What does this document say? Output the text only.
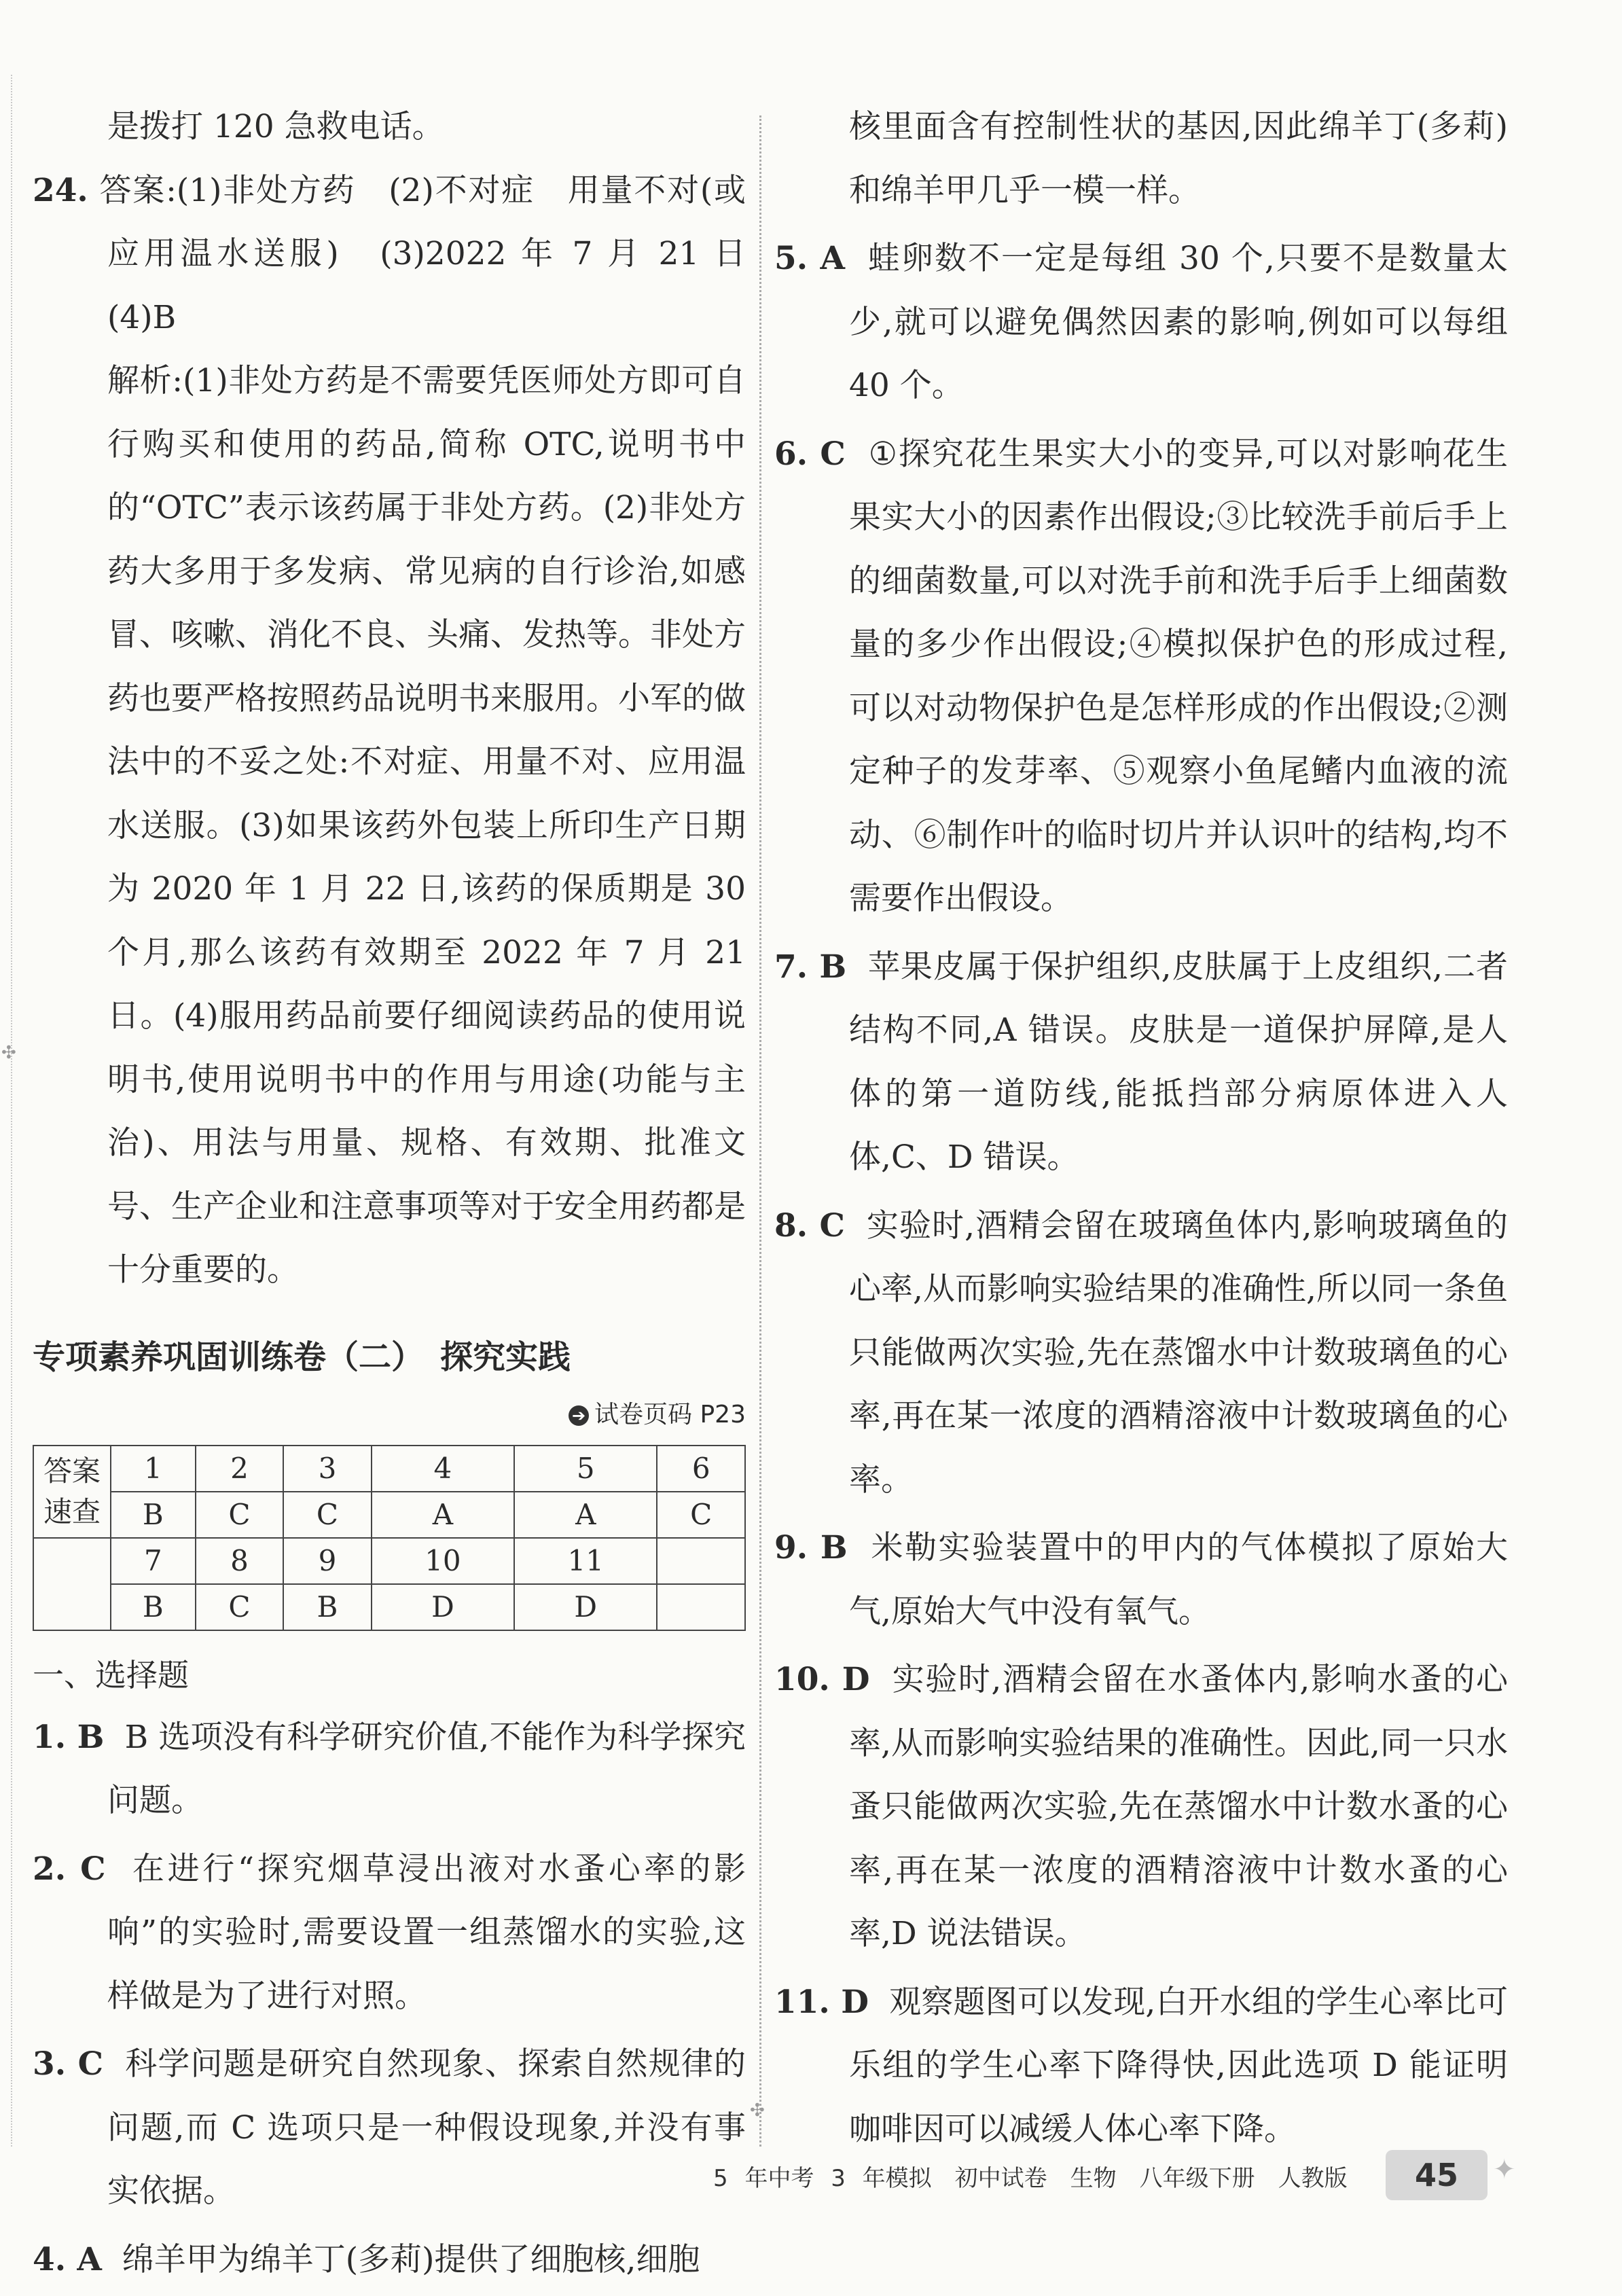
✣
✣

是拨打 120 急救电话。

24. 答案:(1)非处方药　(2)不对症　用量不对(或应用温水送服)　(3)2022 年 7 月 21 日　(4)B
解析:(1)非处方药是不需要凭医师处方即可自行购买和使用的药品,简称 OTC,说明书中的“OTC”表示该药属于非处方药。(2)非处方药大多用于多发病、常见病的自行诊治,如感冒、咳嗽、消化不良、头痛、发热等。非处方药也要严格按照药品说明书来服用。小军的做法中的不妥之处:不对症、用量不对、应用温水送服。(3)如果该药外包装上所印生产日期为 2020 年 1 月 22 日,该药的保质期是 30 个月,那么该药有效期至 2022 年 7 月 21 日。(4)服用药品前要仔细阅读药品的使用说明书,使用说明书中的作用与用途(功能与主治)、用法与用量、规格、有效期、批准文号、生产企业和注意事项等对于安全用药都是十分重要的。
专项素养巩固训练卷（二）　探究实践
➔ 试卷页码 P23
答案
速查	1	2	3	4	5	6
	B	C	C	A	A	C
	7	8	9	10	11	
	B	C	B	D	D	
一、选择题
1. B B 选项没有科学研究价值,不能作为科学探究问题。
2. C 在进行“探究烟草浸出液对水蚤心率的影响”的实验时,需要设置一组蒸馏水的实验,这样做是为了进行对照。
3. C 科学问题是研究自然现象、探索自然规律的问题,而 C 选项只是一种假设现象,并没有事实依据。
4. A 绵羊甲为绵羊丁(多莉)提供了细胞核,细胞

核里面含有控制性状的基因,因此绵羊丁(多莉)和绵羊甲几乎一模一样。

5. A 蛙卵数不一定是每组 30 个,只要不是数量太少,就可以避免偶然因素的影响,例如可以每组 40 个。
6. C ①探究花生果实大小的变异,可以对影响花生果实大小的因素作出假设;③比较洗手前后手上的细菌数量,可以对洗手前和洗手后手上细菌数量的多少作出假设;④模拟保护色的形成过程,可以对动物保护色是怎样形成的作出假设;②测定种子的发芽率、⑤观察小鱼尾鳍内血液的流动、⑥制作叶的临时切片并认识叶的结构,均不需要作出假设。
7. B 苹果皮属于保护组织,皮肤属于上皮组织,二者结构不同,A 错误。皮肤是一道保护屏障,是人体的第一道防线,能抵挡部分病原体进入人体,C、D 错误。
8. C 实验时,酒精会留在玻璃鱼体内,影响玻璃鱼的心率,从而影响实验结果的准确性,所以同一条鱼只能做两次实验,先在蒸馏水中计数玻璃鱼的心率,再在某一浓度的酒精溶液中计数玻璃鱼的心率。
9. B 米勒实验装置中的甲内的气体模拟了原始大气,原始大气中没有氧气。
10. D 实验时,酒精会留在水蚤体内,影响水蚤的心率,从而影响实验结果的准确性。因此,同一只水蚤只能做两次实验,先在蒸馏水中计数水蚤的心率,再在某一浓度的酒精溶液中计数水蚤的心率,D 说法错误。
11. D 观察题图可以发现,白开水组的学生心率比可乐组的学生心率下降得快,因此选项 D 能证明咖啡因可以减缓人体心率下降。
5 年中考 3 年模拟　初中试卷　生物　八年级下册　人教版	45	✦
